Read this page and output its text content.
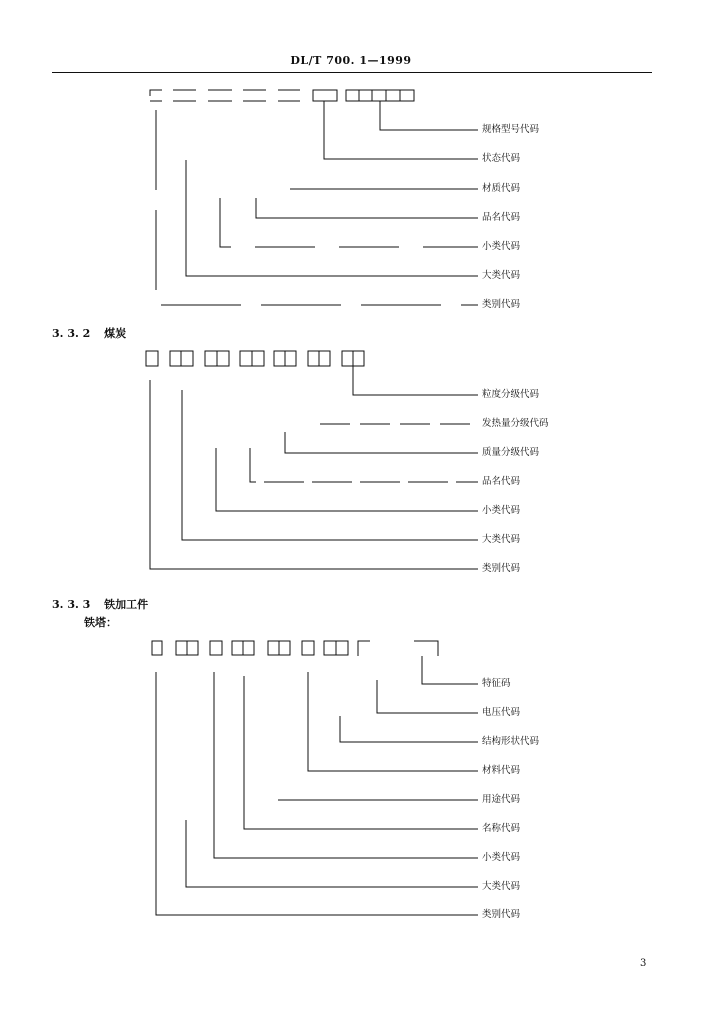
DL/T 700. 1—1999
规格型号代码
状态代码
材质代码
品名代码
小类代码
大类代码
类别代码
3. 3. 2 煤炭
粒度分级代码
发热量分级代码
质量分级代码
品名代码
小类代码
大类代码
类别代码
3. 3. 3 铁加工件
铁塔：
特征码
电压代码
结构形状代码
材料代码
用途代码
名称代码
小类代码
大类代码
类别代码
3
